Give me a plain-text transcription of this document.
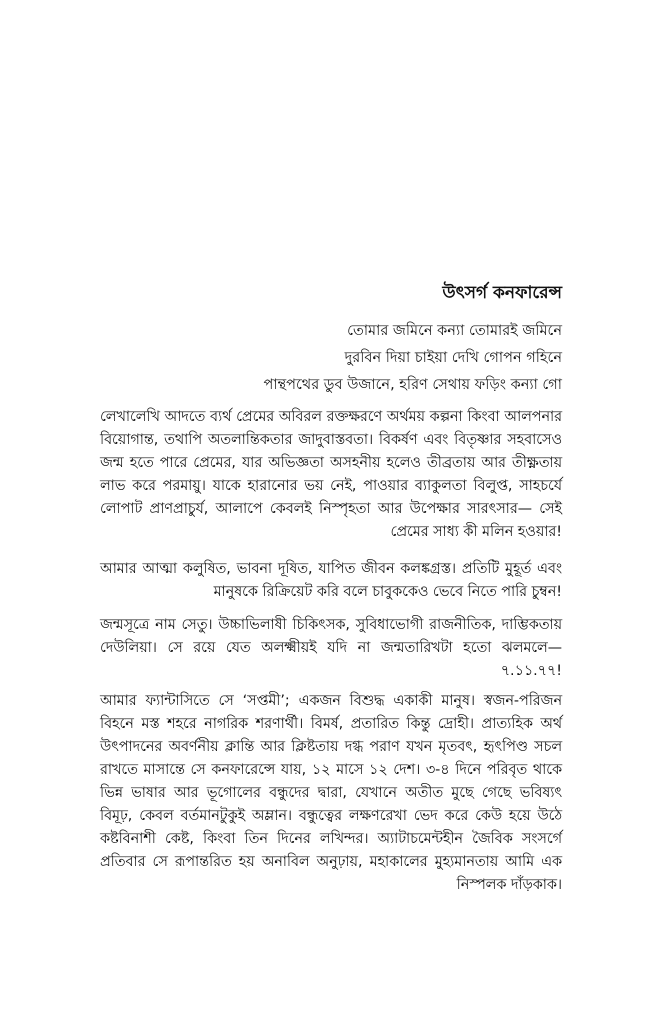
উৎসর্গ কনফারেন্স
তোমার জমিনে কন্যা তোমারই জমিনে
দুরবিন দিয়া চাইয়া দেখি গোপন গহিনে
পান্থপথের ডুব উজানে, হরিণ সেথায় ফড়িং কন্যা গো

লেখালেখি আদতে ব্যর্থ প্রেমের অবিরল রক্তক্ষরণে অর্থময় কল্পনা কিংবা আলপনার বিয়োগান্ত, তথাপি অতলান্তিকতার জাদুবাস্তবতা। বিকর্ষণ এবং বিতৃষ্ণার সহবাসেও জন্ম হতে পারে প্রেমের, যার অভিজ্ঞতা অসহনীয় হলেও তীব্রতায় আর তীক্ষ্ণতায় লাভ করে পরমায়ু। যাকে হারানোর ভয় নেই, পাওয়ার ব্যাকুলতা বিলুপ্ত, সাহচর্যে লোপাট প্রাণপ্রাচুর্য, আলাপে কেবলই নিস্পৃহতা আর উপেক্ষার সারৎসার— সেই প্রেমের সাধ্য কী মলিন হওয়ার!

আমার আত্মা কলুষিত, ভাবনা দূষিত, যাপিত জীবন কলঙ্কগ্রস্ত। প্রতিটি মুহূর্ত এবং মানুষকে রিক্রিয়েট করি বলে চাবুককেও ভেবে নিতে পারি চুম্বন!

জন্মসূত্রে নাম সেতু। উচ্চাভিলাষী চিকিৎসক, সুবিধাভোগী রাজনীতিক, দাম্ভিকতায় দেউলিয়া। সে রয়ে যেত অলক্ষ্মীয়ই যদি না জন্মতারিখটা হতো ঝলমলে— ৭.১১.৭৭!

আমার ফ্যান্টাসিতে সে ‘সপ্তমী’; একজন বিশুদ্ধ একাকী মানুষ। স্বজন-পরিজন বিহনে মস্ত শহরে নাগরিক শরণার্থী। বিমর্ষ, প্রতারিত কিন্তু দ্রোহী। প্রাত্যহিক অর্থ উৎপাদনের অবর্ণনীয় ক্লান্তি আর ক্লিষ্টতায় দগ্ধ পরাণ যখন মৃতবৎ, হৃৎপিণ্ড সচল রাখতে মাসান্তে সে কনফারেন্সে যায়, ১২ মাসে ১২ দেশ। ৩-৪ দিনে পরিবৃত থাকে ভিন্ন ভাষার আর ভূগোলের বন্ধুদের দ্বারা, যেখানে অতীত মুছে গেছে ভবিষ্যৎ বিমূঢ়, কেবল বর্তমানটুকুই অম্লান। বন্ধুত্বের লক্ষণরেখা ভেদ করে কেউ হয়ে উঠে কষ্টবিনাশী কেষ্ট, কিংবা তিন দিনের লখিন্দর। অ্যাটাচমেন্টহীন জৈবিক সংসর্গে প্রতিবার সে রূপান্তরিত হয় অনাবিল অনুঢ়ায়, মহাকালের মুহ্যমানতায় আমি এক নিস্পলক দাঁড়কাক।
